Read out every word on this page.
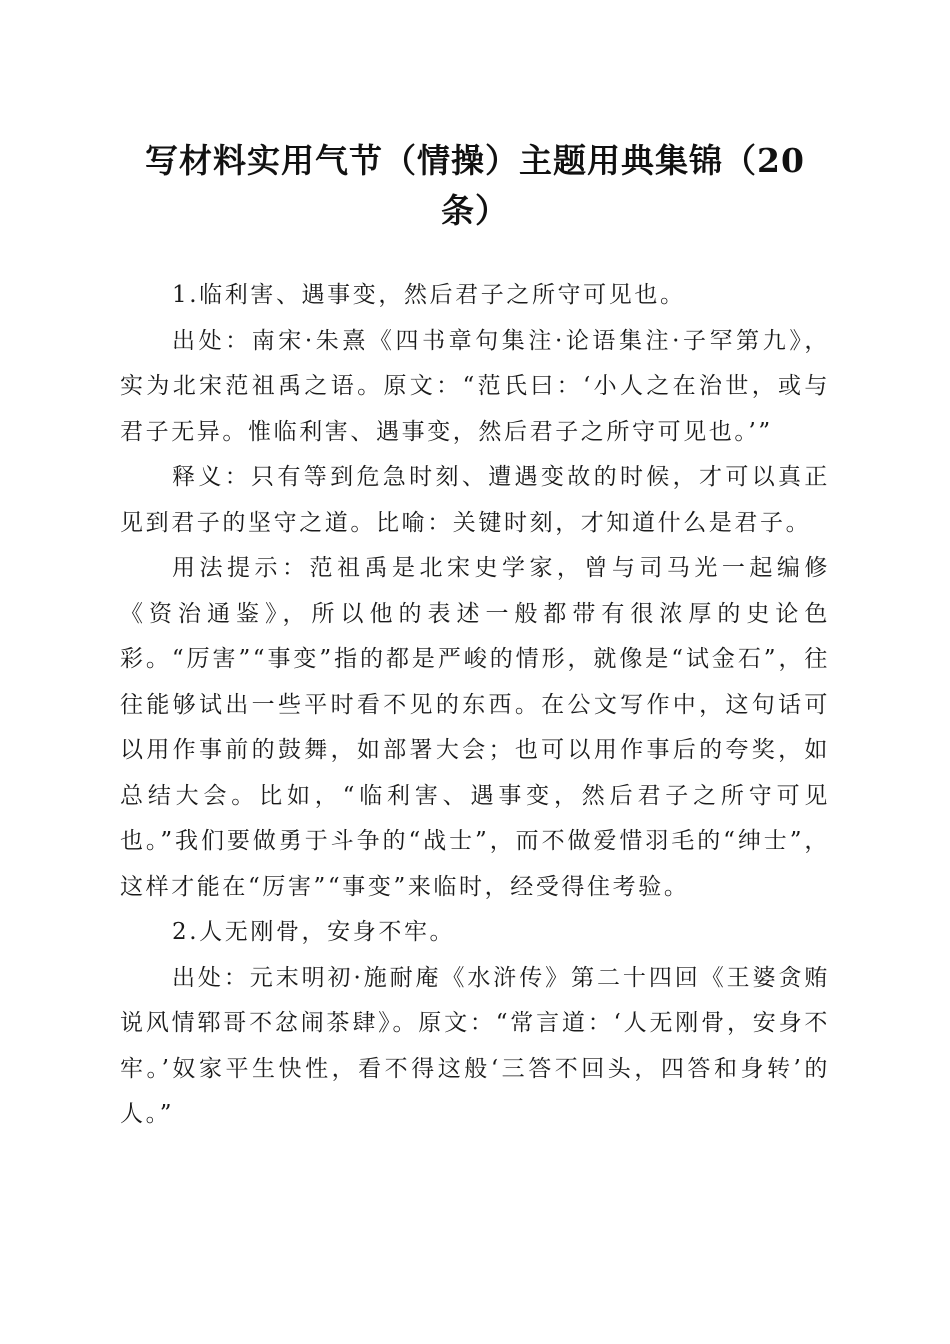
写材料实用气节（情操）主题用典集锦（20条）

1.临利害、遇事变，然后君子之所守可见也。

出处：南宋·朱熹《四书章句集注·论语集注·子罕第九》，实为北宋范祖禹之语。原文：“范氏曰：‘小人之在治世，或与君子无异。惟临利害、遇事变，然后君子之所守可见也。’”

释义：只有等到危急时刻、遭遇变故的时候，才可以真正见到君子的坚守之道。比喻：关键时刻，才知道什么是君子。

用法提示：范祖禹是北宋史学家，曾与司马光一起编修《资治通鉴》，所以他的表述一般都带有很浓厚的史论色彩。“厉害”“事变”指的都是严峻的情形，就像是“试金石”，往往能够试出一些平时看不见的东西。在公文写作中，这句话可以用作事前的鼓舞，如部署大会；也可以用作事后的夸奖，如总结大会。比如，“临利害、遇事变，然后君子之所守可见也。”我们要做勇于斗争的“战士”，而不做爱惜羽毛的“绅士”，这样才能在“厉害”“事变”来临时，经受得住考验。

2.人无刚骨，安身不牢。

出处：元末明初·施耐庵《水浒传》第二十四回《王婆贪贿说风情郓哥不忿闹茶肆》。原文：“常言道：‘人无刚骨，安身不牢。’奴家平生快性，看不得这般‘三答不回头，四答和身转’的人。”
